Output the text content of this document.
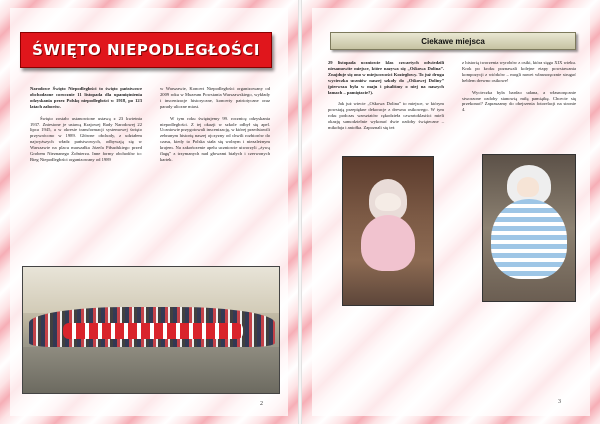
ŚWIĘTO NIEPODLEGŁOŚCI

Narodowe Święto Niepodległości to święto państwowe obchodzone corocznie 11 listopada dla upamiętnienia odzyskania przez Polskę niepodległości w 1918, po 123 latach zaborów.

Święto zostało ustanowione ustawą z 23 kwietnia 1937. Zniesione je ustawą Krajowej Rady Narodowej 22 lipca 1945, a w okresie transformacji systemowej święto przywrócono w 1989. Główne obchody, z udziałem najwyższych władz państwowych, odbywają się w Warszawie na placu marszałka Józefa Piłsudskiego przed Grobem Nieznanego Żołnierza. Inne formy obchodów to: Bieg Niepodległości organizowany od 1989

w Warszawie, Koncert Niepodległości organizowany od 2009 roku w Muzeum Powstania Warszawskiego, wykłady i inscenizacje historyczne, koncerty patriotyczne oraz parady uliczne miast.

W tym roku świętujemy 99. rocznicę odzyskania niepodległości. Z tej okazji w szkole odbył się apel. Uczniowie przygotowali inscenizację, w której przedstawili zebranym historię naszej ojczyzny od chwili rozbiorów do czasu, kiedy to Polska stała się wolnym i niezależnym krajem. Na zakończenie apelu uczniowie utworzyli „żywą flagę” z trzymanych nad głowami białych i czerwonych kartek.

2
Ciekawe miejsca

29 listopada uczniowie klas czwartych odwiedzili niesamowite miejsce, które nazywa się „Ośkowa Dolina”. Znajduje się ono w miejscowości Koziegłowy. To już druga wycieczka uczniów naszej szkoły do „Ośkowej Doliny” (pierwsza była w maju i pisaliśmy o niej na naszych łamach – pamiętacie?).

Jak już wiecie „Ośkowa Dolina” to miejsce, w którym powstają przepiękne dekoracje z drewna osikowego. W tym roku podczas warsztatów rękodzieła czwartoklasiści mieli okazję samodzielnie wykonać dwie ozdoby świąteczne – mikołaja i aniołka. Zapoznali się też

z historią tworzenia wyrobów z osiki, która sięga XIX wieku. Krok po kroku poznawali kolejne etapy powstawania kompozycji z wiórków – mogli nawet własnoręcznie strugać heblem drewno osikowe!

Wycieczka była bardzo udana, a własnoręcznie stworzone ozdoby stanowią miłą pamiątkę. Chcecie się przekonać? Zapraszamy do obejrzenia fotorelacji na stronie 4.

3
